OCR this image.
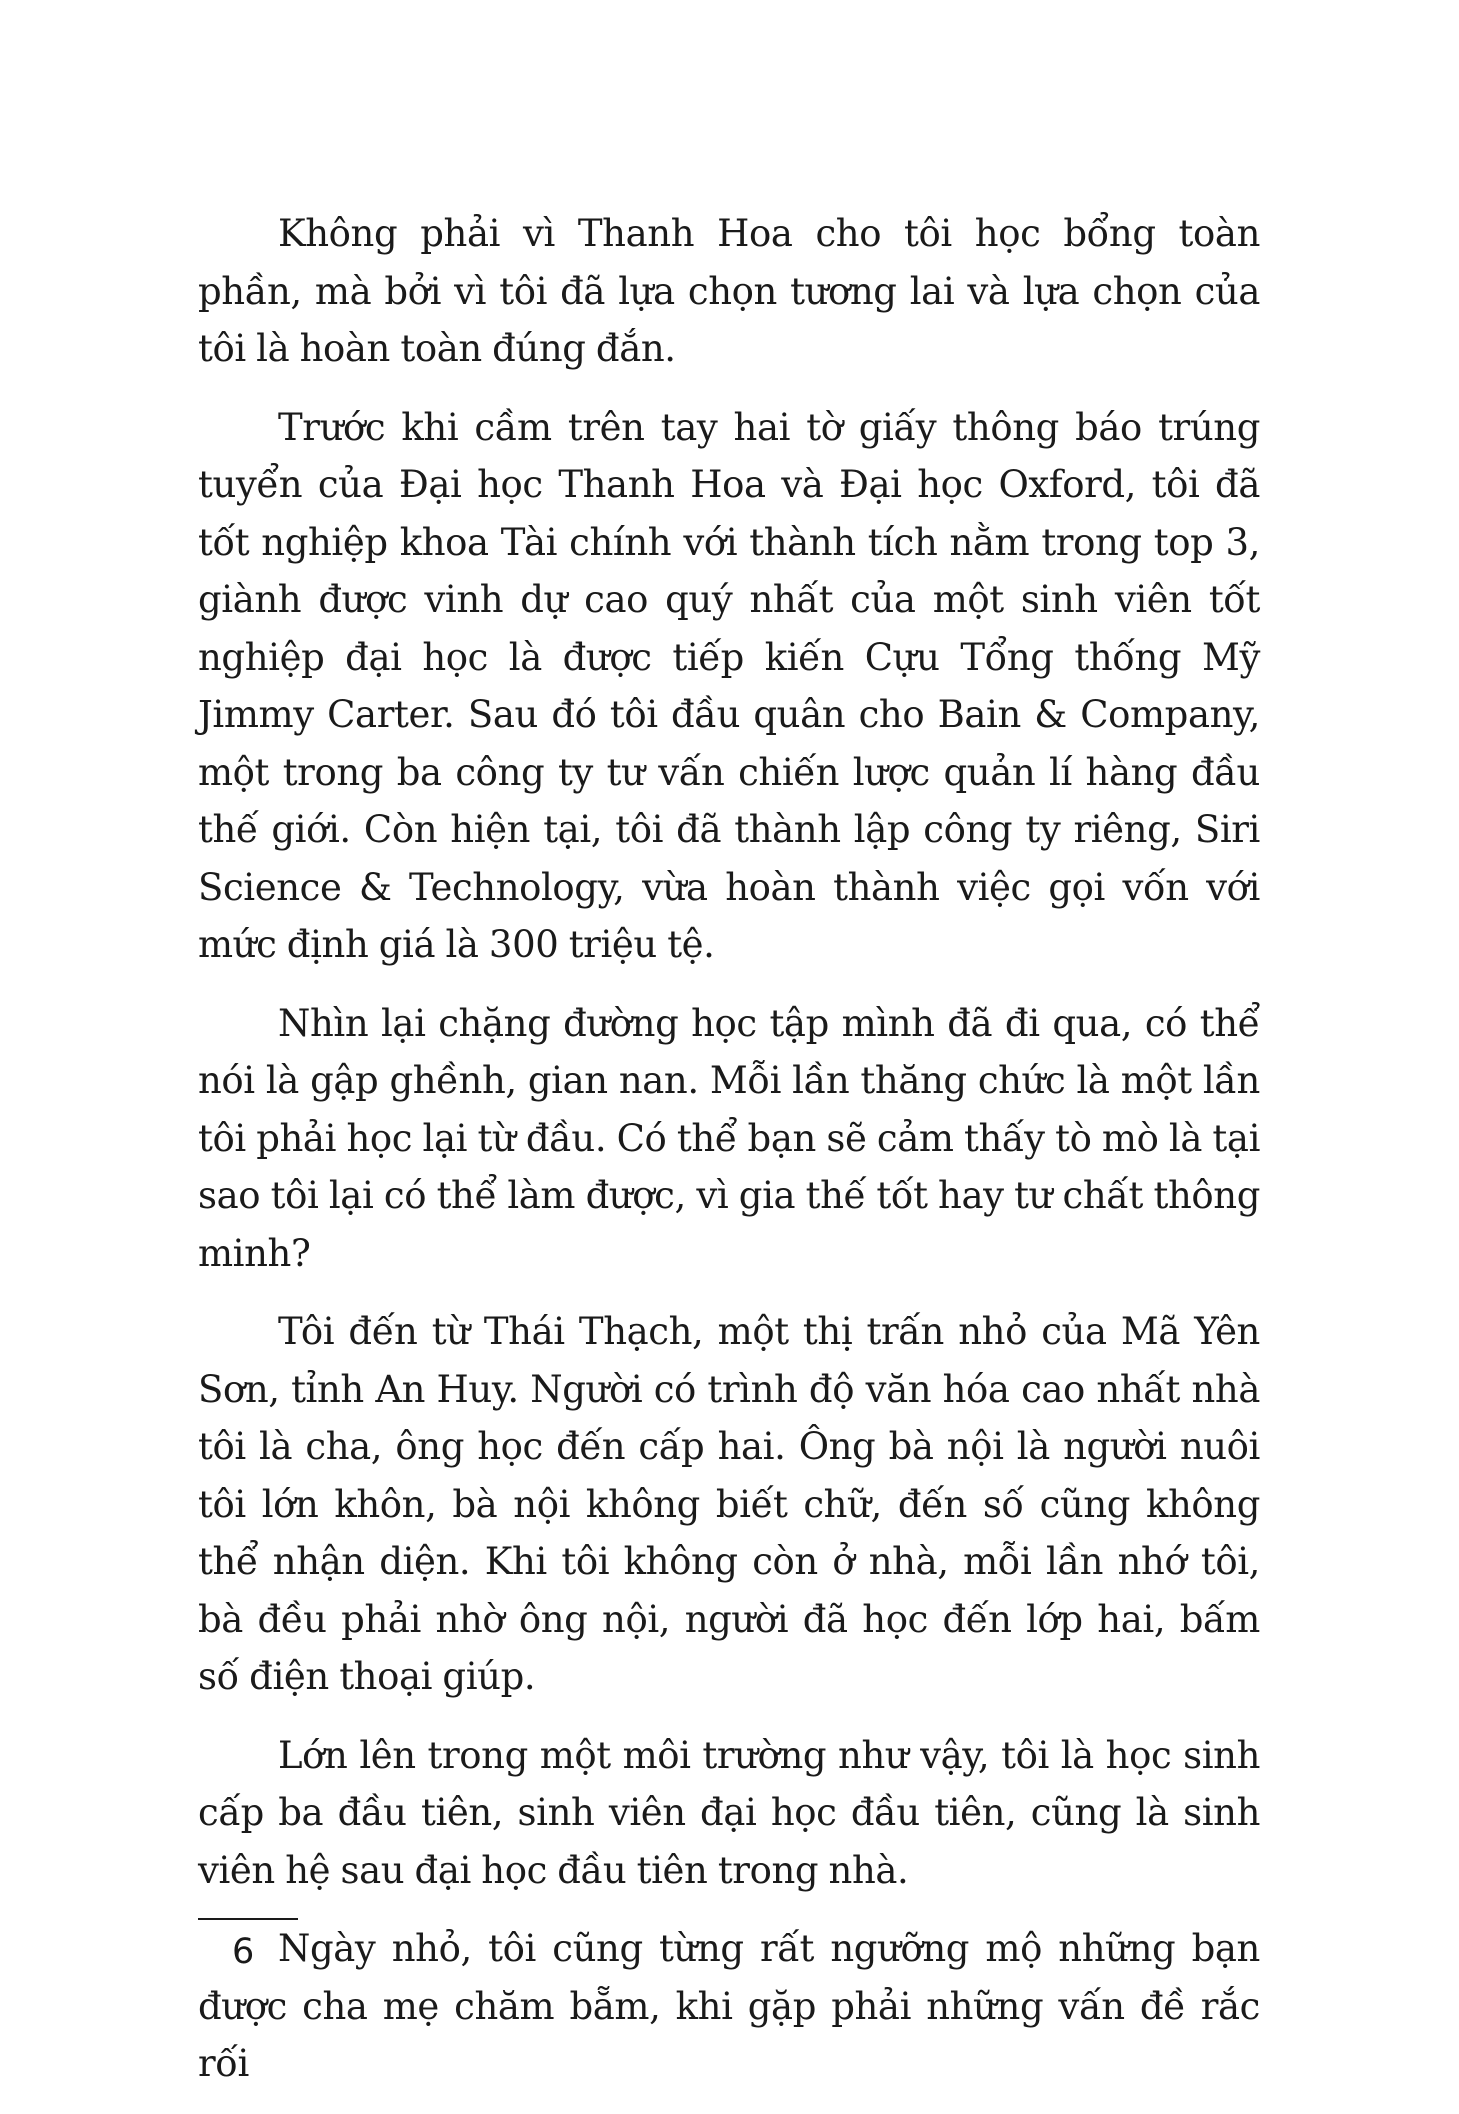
Không phải vì Thanh Hoa cho tôi học bổng toàn phần, mà bởi vì tôi đã lựa chọn tương lai và lựa chọn của tôi là hoàn toàn đúng đắn.

Trước khi cầm trên tay hai tờ giấy thông báo trúng tuyển của Đại học Thanh Hoa và Đại học Oxford, tôi đã tốt nghiệp khoa Tài chính với thành tích nằm trong top 3, giành được vinh dự cao quý nhất của một sinh viên tốt nghiệp đại học là được tiếp kiến Cựu Tổng thống Mỹ Jimmy Carter. Sau đó tôi đầu quân cho Bain & Company, một trong ba công ty tư vấn chiến lược quản lí hàng đầu thế giới. Còn hiện tại, tôi đã thành lập công ty riêng, Siri Science & Technology, vừa hoàn thành việc gọi vốn với mức định giá là 300 triệu tệ.

Nhìn lại chặng đường học tập mình đã đi qua, có thể nói là gập ghềnh, gian nan. Mỗi lần thăng chức là một lần tôi phải học lại từ đầu. Có thể bạn sẽ cảm thấy tò mò là tại sao tôi lại có thể làm được, vì gia thế tốt hay tư chất thông minh?

Tôi đến từ Thái Thạch, một thị trấn nhỏ của Mã Yên Sơn, tỉnh An Huy. Người có trình độ văn hóa cao nhất nhà tôi là cha, ông học đến cấp hai. Ông bà nội là người nuôi tôi lớn khôn, bà nội không biết chữ, đến số cũng không thể nhận diện. Khi tôi không còn ở nhà, mỗi lần nhớ tôi, bà đều phải nhờ ông nội, người đã học đến lớp hai, bấm số điện thoại giúp.

Lớn lên trong một môi trường như vậy, tôi là học sinh cấp ba đầu tiên, sinh viên đại học đầu tiên, cũng là sinh viên hệ sau đại học đầu tiên trong nhà.

Ngày nhỏ, tôi cũng từng rất ngưỡng mộ những bạn được cha mẹ chăm bẵm, khi gặp phải những vấn đề rắc rối

6
